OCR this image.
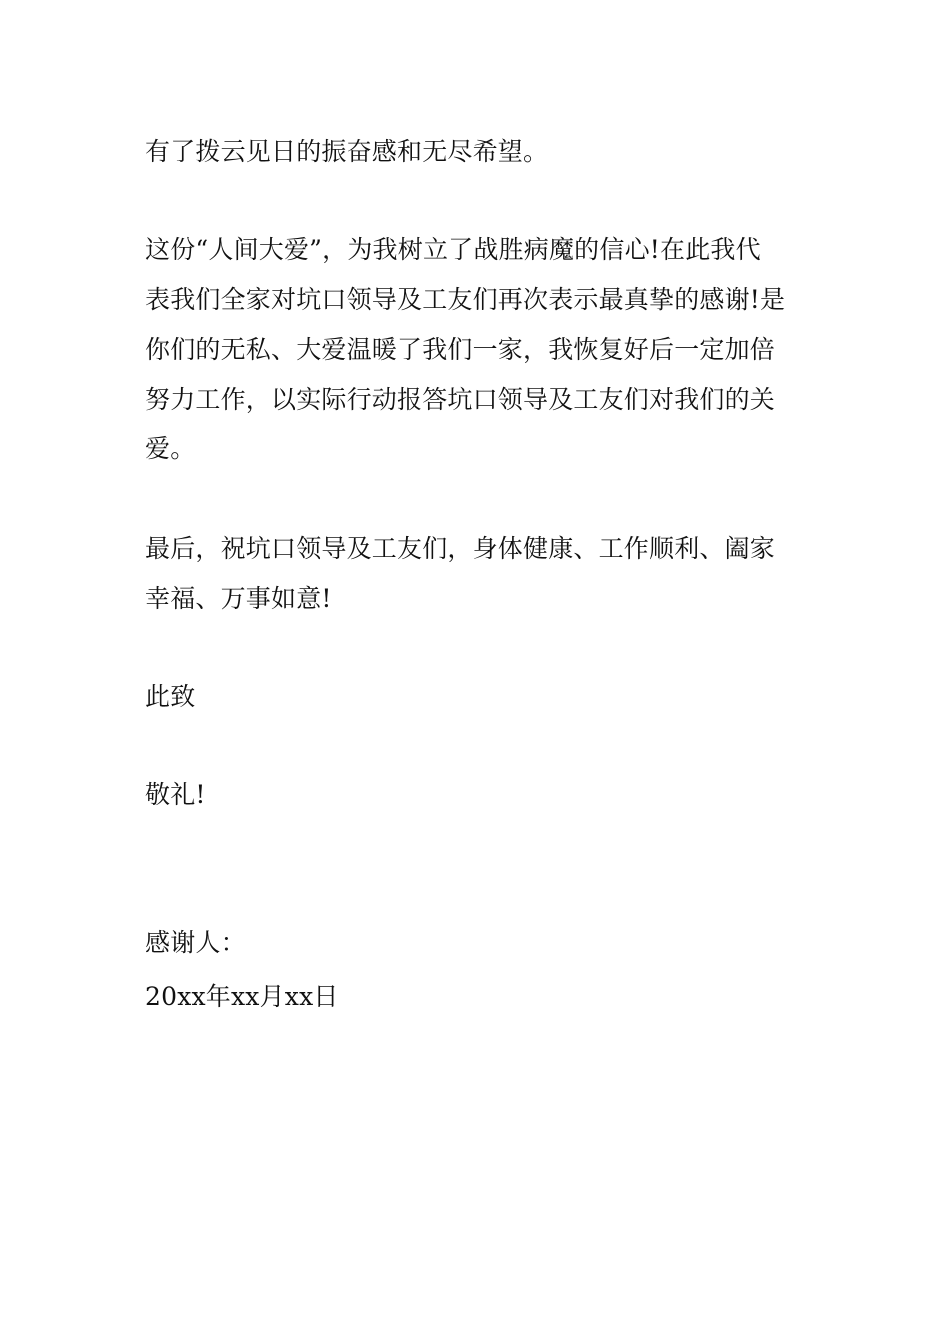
有了拨云见日的振奋感和无尽希望。
这份“人间大爱”，为我树立了战胜病魔的信心!在此我代
表我们全家对坑口领导及工友们再次表示最真挚的感谢!是
你们的无私、大爱温暖了我们一家，我恢复好后一定加倍
努力工作，以实际行动报答坑口领导及工友们对我们的关
爱。
最后，祝坑口领导及工友们，身体健康、工作顺利、阖家
幸福、万事如意!
此致
敬礼!
感谢人：
20xx年xx月xx日
